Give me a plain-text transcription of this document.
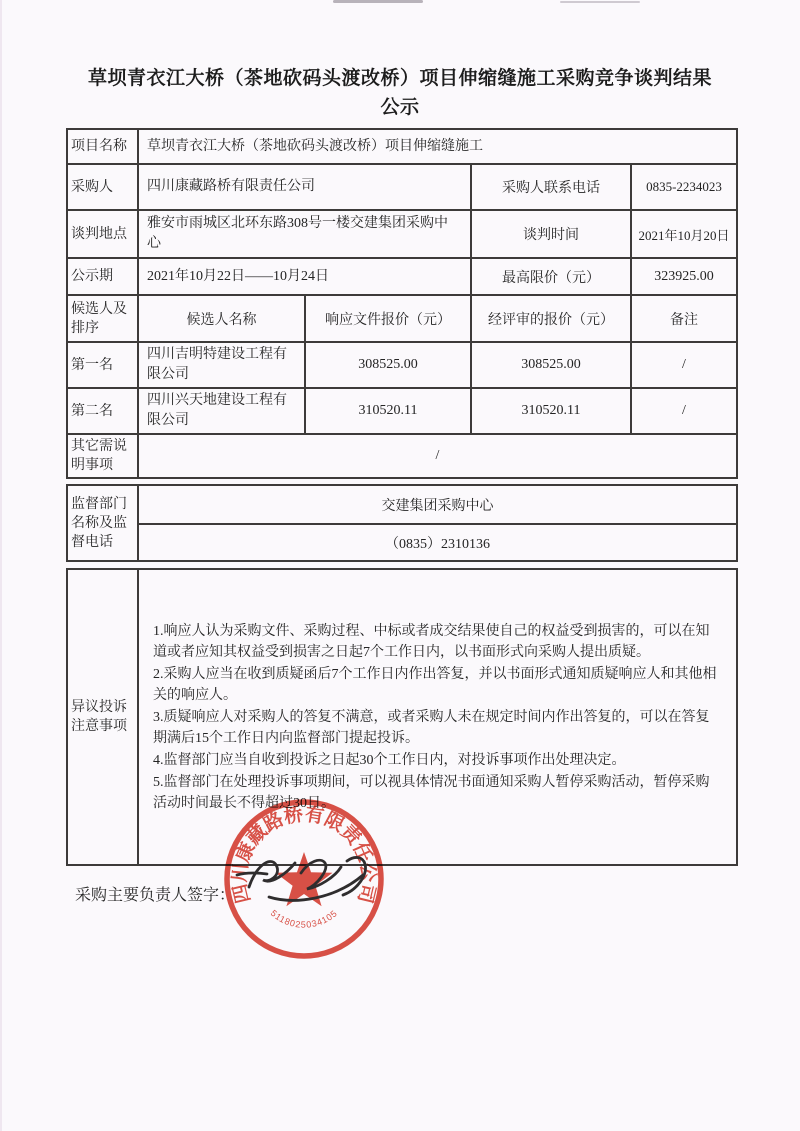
草坝青衣江大桥（茶地砍码头渡改桥）项目伸缩缝施工采购竞争谈判结果
公示
项目名称	草坝青衣江大桥（茶地砍码头渡改桥）项目伸缩缝施工			
采购人	四川康藏路桥有限责任公司		采购人联系电话	0835-2234023
谈判地点	雅安市雨城区北环东路308号一楼交建集团采购中心		谈判时间	2021年10月20日
公示期	2021年10月22日——10月24日		最高限价（元）	323925.00
候选人及排序	候选人名称	响应文件报价（元）	经评审的报价（元）	备注
第一名	四川吉明特建设工程有限公司	308525.00	308525.00	/
第二名	四川兴天地建设工程有限公司	310520.11	310520.11	/
其它需说明事项	/			
监督部门名称及监督电话	交建集团采购中心
（0835）2310136
异议投诉注意事项	
1.响应人认为采购文件、采购过程、中标或者成交结果使自己的权益受到损害的，可以在知道或者应知其权益受到损害之日起7个工作日内，以书面形式向采购人提出质疑。
2.采购人应当在收到质疑函后7个工作日内作出答复，并以书面形式通知质疑响应人和其他相关的响应人。
3.质疑响应人对采购人的答复不满意，或者采购人未在规定时间内作出答复的，可以在答复期满后15个工作日内向监督部门提起投诉。
4.监督部门应当自收到投诉之日起30个工作日内，对投诉事项作出处理决定。
5.监督部门在处理投诉事项期间，可以视具体情况书面通知采购人暂停采购活动，暂停采购活动时间最长不得超过30日。
采购主要负责人签字：
四川康藏路桥有限责任公司
5118025034105
